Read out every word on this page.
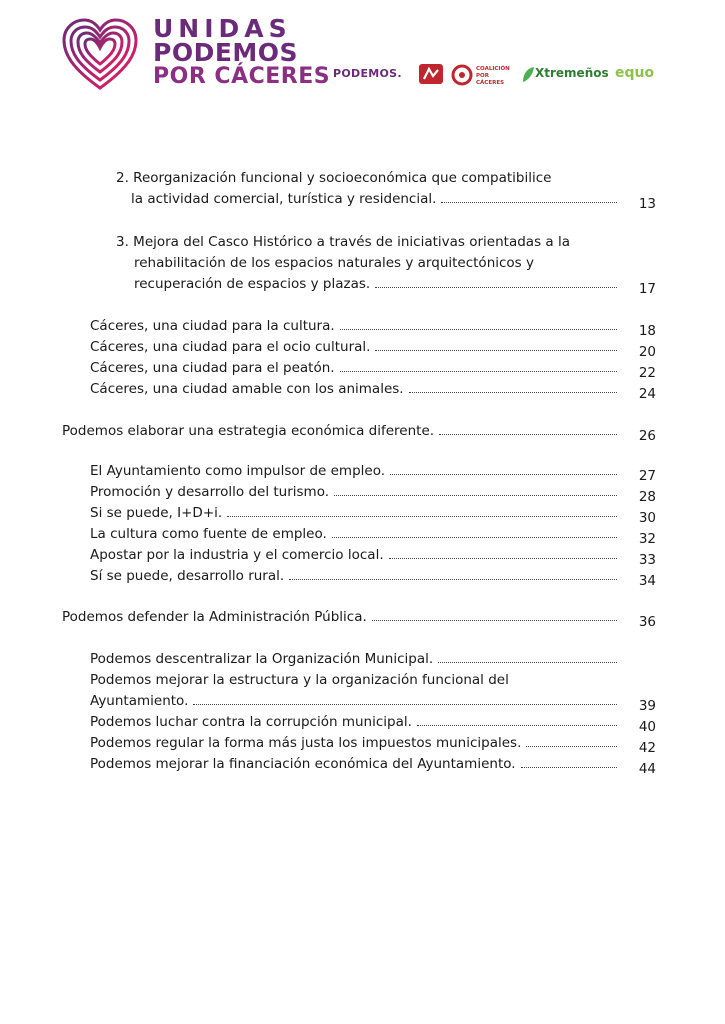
UNIDAS
PODEMOS
POR CÁCERES PODEMOS.	COALICIÓN
POR CÁCERES
Xtremeños equo
2. Reorganización funcional y socioeconómica que compatibilice
la actividad comercial, turística y residencial.	13
3. Mejora del Casco Histórico a través de iniciativas orientadas a la
rehabilitación de los espacios naturales y arquitectónicos y
recuperación de espacios y plazas.	17
Cáceres, una ciudad para la cultura.	18
Cáceres, una ciudad para el ocio cultural.	20
Cáceres, una ciudad para el peatón.	22
Cáceres, una ciudad amable con los animales.	24
Podemos elaborar una estrategia económica diferente.	26
El Ayuntamiento como impulsor de empleo.	27
Promoción y desarrollo del turismo.	28
Si se puede, I+D+i.	30
La cultura como fuente de empleo.	32
Apostar por la industria y el comercio local.	33
Sí se puede, desarrollo rural.	34
Podemos defender la Administración Pública.	36
Podemos descentralizar la Organización Municipal.
Podemos mejorar la estructura y la organización funcional del
Ayuntamiento.	39
Podemos luchar contra la corrupción municipal.	40
Podemos regular la forma más justa los impuestos municipales.	42
Podemos mejorar la financiación económica del Ayuntamiento.	44
